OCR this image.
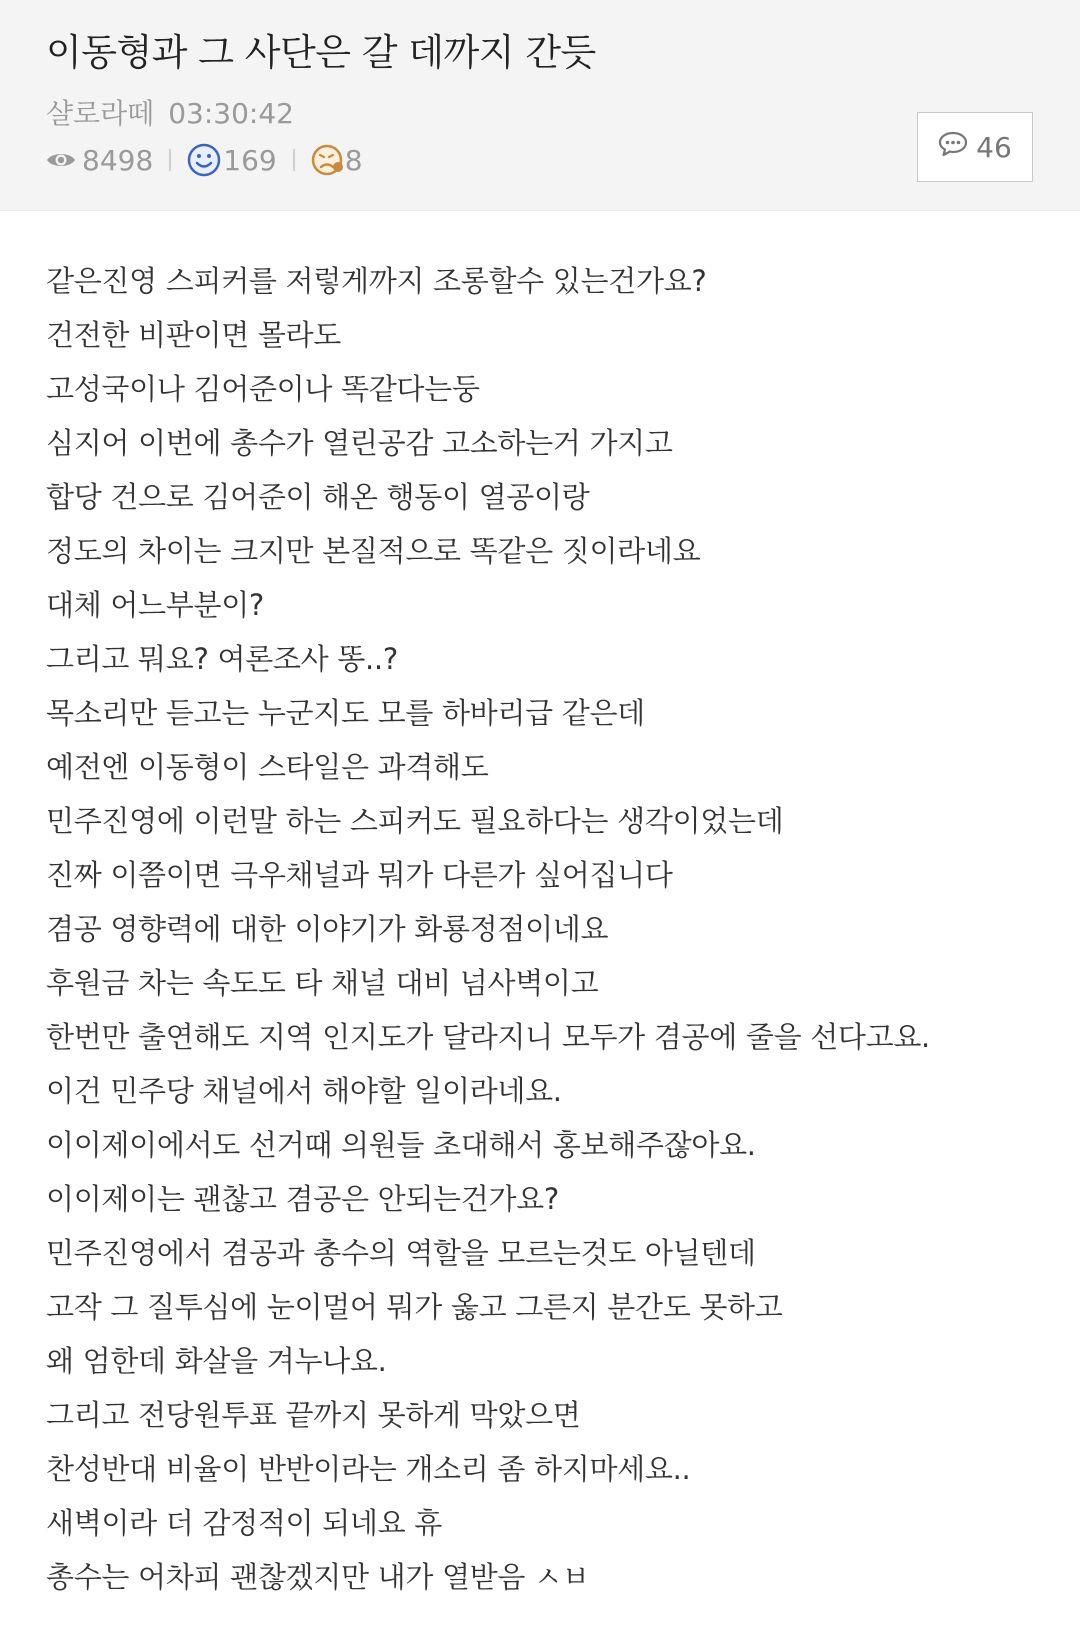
이동형과 그 사단은 갈 데까지 간듯
샬로라떼 03:30:42
8498	169 8	46
같은진영 스피커를 저렇게까지 조롱할수 있는건가요?
건전한 비판이면 몰라도
고성국이나 김어준이나 똑같다는둥
심지어 이번에 총수가 열린공감 고소하는거 가지고
합당 건으로 김어준이 해온 행동이 열공이랑
정도의 차이는 크지만 본질적으로 똑같은 짓이라네요
대체 어느부분이?
그리고 뭐요? 여론조사 똥..?
목소리만 듣고는 누군지도 모를 하바리급 같은데
예전엔 이동형이 스타일은 과격해도
민주진영에 이런말 하는 스피커도 필요하다는 생각이었는데
진짜 이쯤이면 극우채널과 뭐가 다른가 싶어집니다
겸공 영향력에 대한 이야기가 화룡정점이네요
후원금 차는 속도도 타 채널 대비 넘사벽이고
한번만 출연해도 지역 인지도가 달라지니 모두가 겸공에 줄을 선다고요.
이건 민주당 채널에서 해야할 일이라네요.
이이제이에서도 선거때 의원들 초대해서 홍보해주잖아요.
이이제이는 괜찮고 겸공은 안되는건가요?
민주진영에서 겸공과 총수의 역할을 모르는것도 아닐텐데
고작 그 질투심에 눈이멀어 뭐가 옳고 그른지 분간도 못하고
왜 엄한데 화살을 겨누나요.
그리고 전당원투표 끝까지 못하게 막았으면
찬성반대 비율이 반반이라는 개소리 좀 하지마세요..
새벽이라 더 감정적이 되네요 휴
총수는 어차피 괜찮겠지만 내가 열받음 ㅅㅂ
